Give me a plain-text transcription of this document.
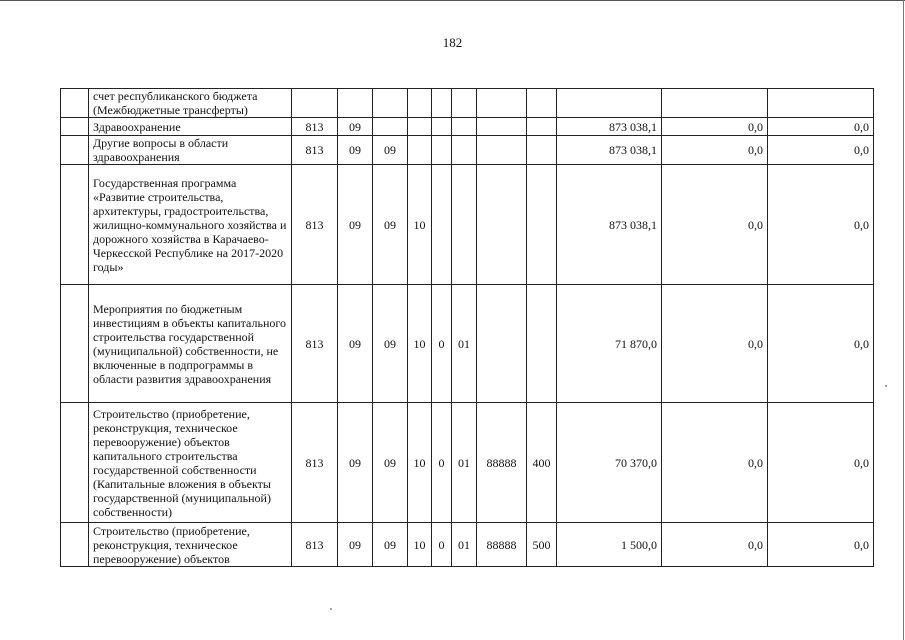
182
	счет республиканского бюджета (Межбюджетные трансферты)											
	Здравоохранение	813	09							873 038,1	0,0	0,0
	Другие вопросы в области здравоохранения	813	09	09						873 038,1	0,0	0,0
	Государственная программа «Развитие строительства, архитектуры, градостроительства, жилищно-коммунального хозяйства и дорожного хозяйства в Карачаево-Черкесской Республике на 2017-2020 годы»	813	09	09	10					873 038,1	0,0	0,0
	Мероприятия по бюджетным инвестициям в объекты капитального строительства государственной (муниципальной) собственности, не включенные в подпрограммы в области развития здравоохранения	813	09	09	10	0	01			71 870,0	0,0	0,0
	Строительство (приобретение, реконструкция, техническое перевооружение) объектов капитального строительства государственной собственности (Капитальные вложения в объекты государственной (муниципальной) собственности)	813	09	09	10	0	01	88888	400	70 370,0	0,0	0,0
	Строительство (приобретение, реконструкция, техническое перевооружение) объектов	813	09	09	10	0	01	88888	500	1 500,0	0,0	0,0
